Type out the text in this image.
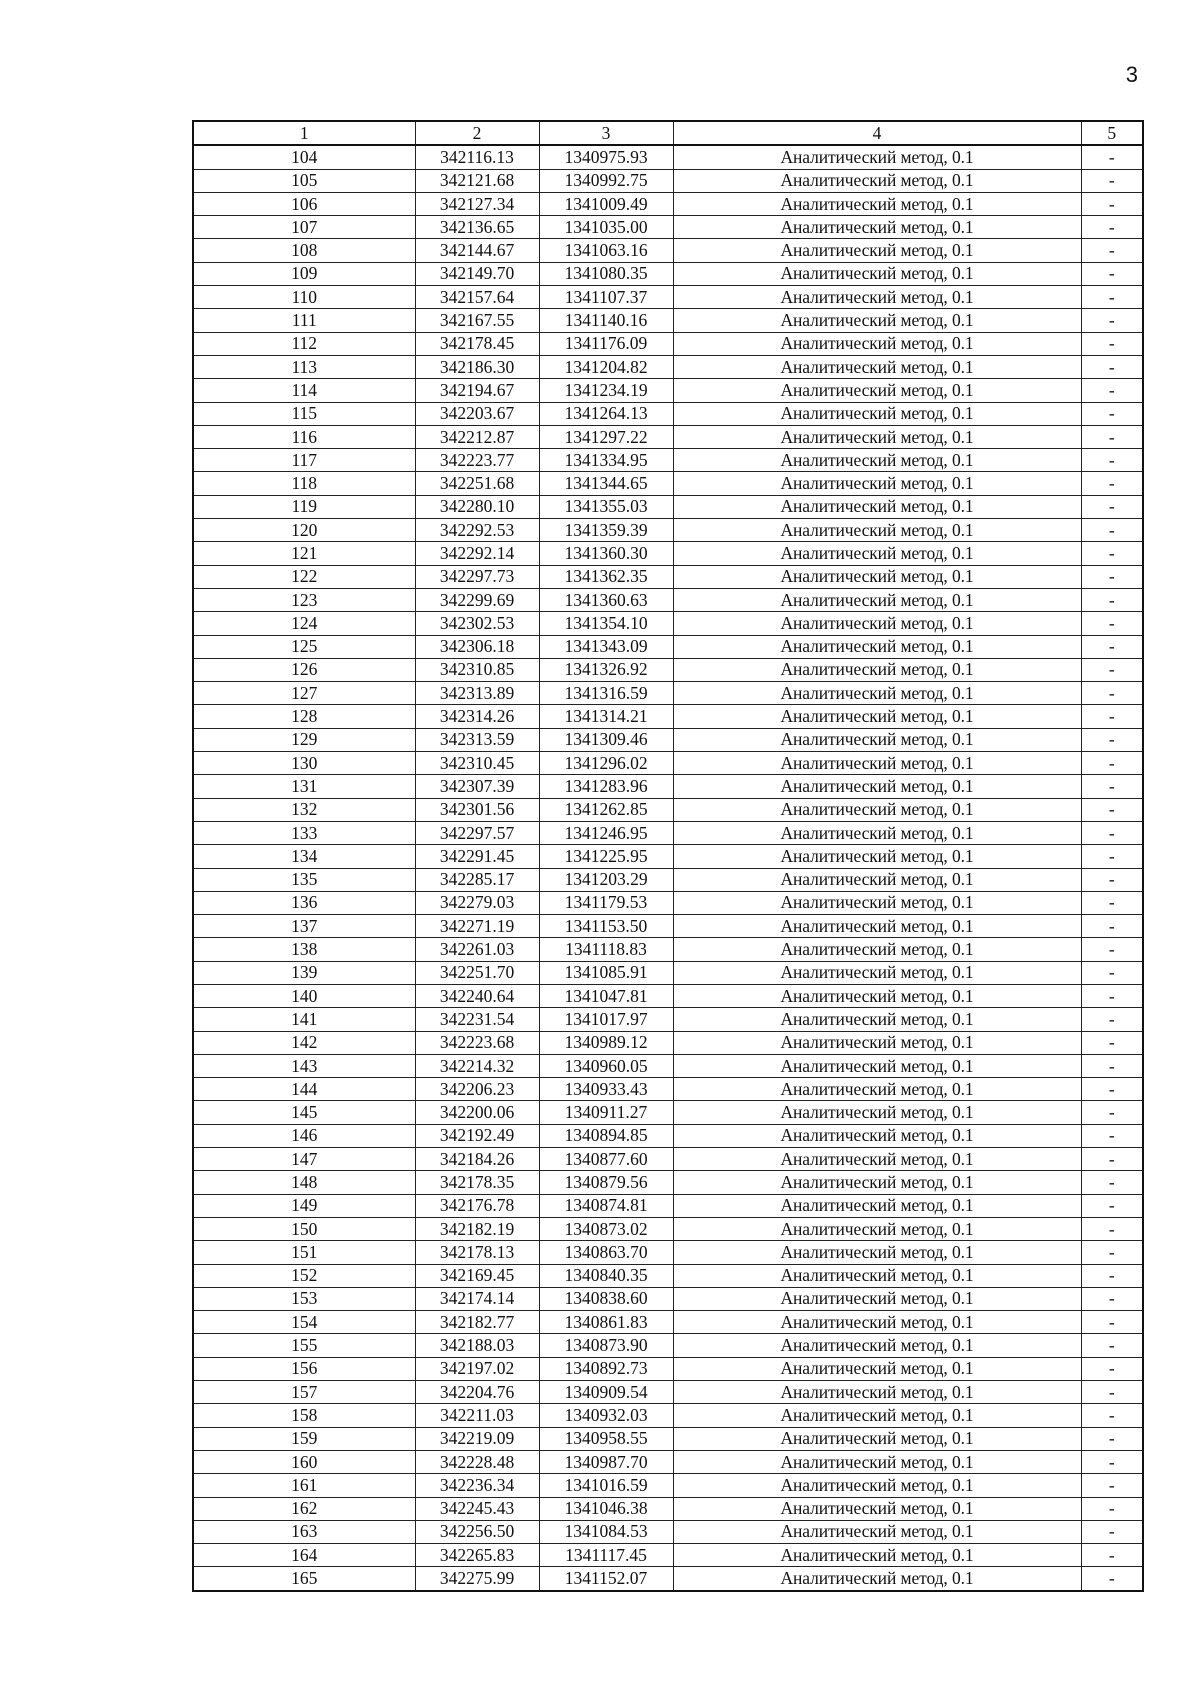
3
1	2	3	4	5
104	342116.13	1340975.93	Аналитический метод, 0.1	-
105	342121.68	1340992.75	Аналитический метод, 0.1	-
106	342127.34	1341009.49	Аналитический метод, 0.1	-
107	342136.65	1341035.00	Аналитический метод, 0.1	-
108	342144.67	1341063.16	Аналитический метод, 0.1	-
109	342149.70	1341080.35	Аналитический метод, 0.1	-
110	342157.64	1341107.37	Аналитический метод, 0.1	-
111	342167.55	1341140.16	Аналитический метод, 0.1	-
112	342178.45	1341176.09	Аналитический метод, 0.1	-
113	342186.30	1341204.82	Аналитический метод, 0.1	-
114	342194.67	1341234.19	Аналитический метод, 0.1	-
115	342203.67	1341264.13	Аналитический метод, 0.1	-
116	342212.87	1341297.22	Аналитический метод, 0.1	-
117	342223.77	1341334.95	Аналитический метод, 0.1	-
118	342251.68	1341344.65	Аналитический метод, 0.1	-
119	342280.10	1341355.03	Аналитический метод, 0.1	-
120	342292.53	1341359.39	Аналитический метод, 0.1	-
121	342292.14	1341360.30	Аналитический метод, 0.1	-
122	342297.73	1341362.35	Аналитический метод, 0.1	-
123	342299.69	1341360.63	Аналитический метод, 0.1	-
124	342302.53	1341354.10	Аналитический метод, 0.1	-
125	342306.18	1341343.09	Аналитический метод, 0.1	-
126	342310.85	1341326.92	Аналитический метод, 0.1	-
127	342313.89	1341316.59	Аналитический метод, 0.1	-
128	342314.26	1341314.21	Аналитический метод, 0.1	-
129	342313.59	1341309.46	Аналитический метод, 0.1	-
130	342310.45	1341296.02	Аналитический метод, 0.1	-
131	342307.39	1341283.96	Аналитический метод, 0.1	-
132	342301.56	1341262.85	Аналитический метод, 0.1	-
133	342297.57	1341246.95	Аналитический метод, 0.1	-
134	342291.45	1341225.95	Аналитический метод, 0.1	-
135	342285.17	1341203.29	Аналитический метод, 0.1	-
136	342279.03	1341179.53	Аналитический метод, 0.1	-
137	342271.19	1341153.50	Аналитический метод, 0.1	-
138	342261.03	1341118.83	Аналитический метод, 0.1	-
139	342251.70	1341085.91	Аналитический метод, 0.1	-
140	342240.64	1341047.81	Аналитический метод, 0.1	-
141	342231.54	1341017.97	Аналитический метод, 0.1	-
142	342223.68	1340989.12	Аналитический метод, 0.1	-
143	342214.32	1340960.05	Аналитический метод, 0.1	-
144	342206.23	1340933.43	Аналитический метод, 0.1	-
145	342200.06	1340911.27	Аналитический метод, 0.1	-
146	342192.49	1340894.85	Аналитический метод, 0.1	-
147	342184.26	1340877.60	Аналитический метод, 0.1	-
148	342178.35	1340879.56	Аналитический метод, 0.1	-
149	342176.78	1340874.81	Аналитический метод, 0.1	-
150	342182.19	1340873.02	Аналитический метод, 0.1	-
151	342178.13	1340863.70	Аналитический метод, 0.1	-
152	342169.45	1340840.35	Аналитический метод, 0.1	-
153	342174.14	1340838.60	Аналитический метод, 0.1	-
154	342182.77	1340861.83	Аналитический метод, 0.1	-
155	342188.03	1340873.90	Аналитический метод, 0.1	-
156	342197.02	1340892.73	Аналитический метод, 0.1	-
157	342204.76	1340909.54	Аналитический метод, 0.1	-
158	342211.03	1340932.03	Аналитический метод, 0.1	-
159	342219.09	1340958.55	Аналитический метод, 0.1	-
160	342228.48	1340987.70	Аналитический метод, 0.1	-
161	342236.34	1341016.59	Аналитический метод, 0.1	-
162	342245.43	1341046.38	Аналитический метод, 0.1	-
163	342256.50	1341084.53	Аналитический метод, 0.1	-
164	342265.83	1341117.45	Аналитический метод, 0.1	-
165	342275.99	1341152.07	Аналитический метод, 0.1	-
